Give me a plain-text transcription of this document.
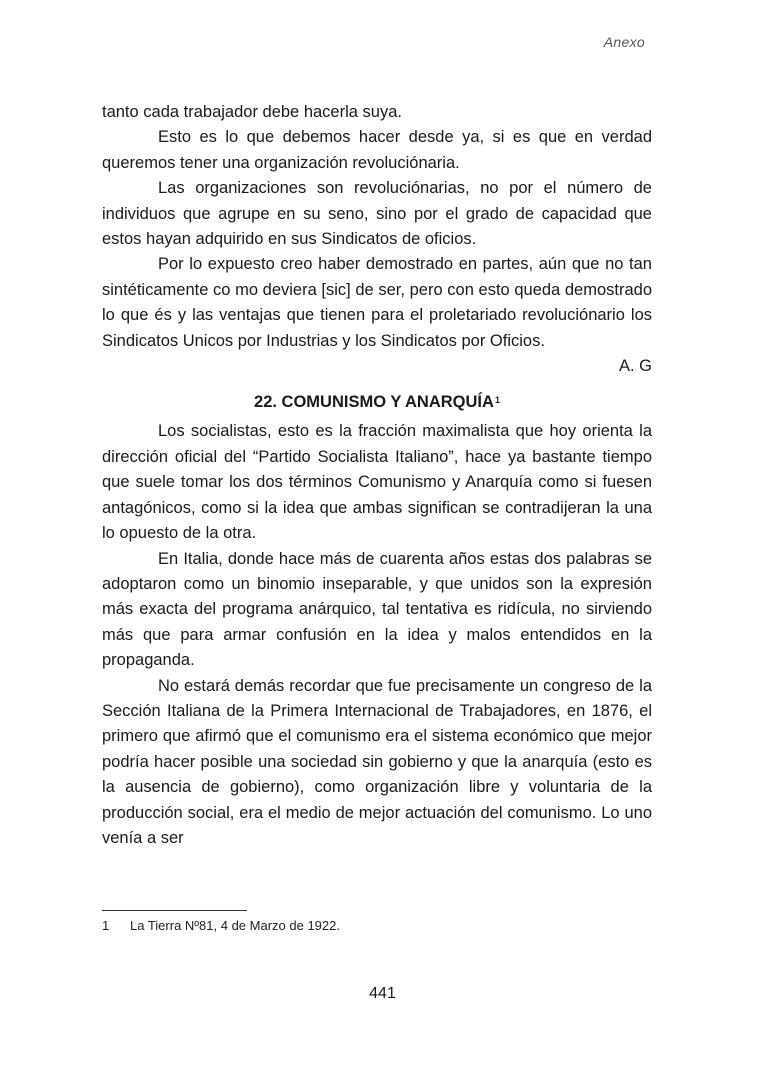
Anexo

tanto cada trabajador debe hacerla suya.

Esto es lo que debemos hacer desde ya, si es que en verdad queremos tener una organización revoluciónaria.

Las organizaciones son revoluciónarias, no por el número de individuos que agrupe en su seno, sino por el grado de capacidad que estos hayan adquirido en sus Sindicatos de oficios.

Por lo expuesto creo haber demostrado en partes, aún que no tan sintéticamente co mo deviera [sic] de ser, pero con esto queda demostrado lo que és y las ventajas que tienen para el proletariado revoluciónario los Sindicatos Unicos por Industrias y los Sindicatos por Oficios.

A. G

22. COMUNISMO Y ANARQUÍA$^1$

Los socialistas, esto es la fracción maximalista que hoy orienta la dirección oficial del “Partido Socialista Italiano”, hace ya bastante tiempo que suele tomar los dos términos Comunismo y Anarquía como si fuesen antagónicos, como si la idea que ambas significan se contradijeran la una lo opuesto de la otra.

En Italia, donde hace más de cuarenta años estas dos palabras se adoptaron como un binomio inseparable, y que unidos son la expresión más exacta del programa anárquico, tal tentativa es ridícula, no sirviendo más que para armar confusión en la idea y malos entendidos en la propaganda.

No estará demás recordar que fue precisamente un congreso de la Sección Italiana de la Primera Internacional de Trabajadores, en 1876, el primero que afirmó que el comunismo era el sistema económico que mejor podría hacer posible una sociedad sin gobierno y que la anarquía (esto es la ausencia de gobierno), como organización libre y voluntaria de la producción social, era el medio de mejor actuación del comunismo. Lo uno venía a ser

1 La Tierra Nº81, 4 de Marzo de 1922.
441
